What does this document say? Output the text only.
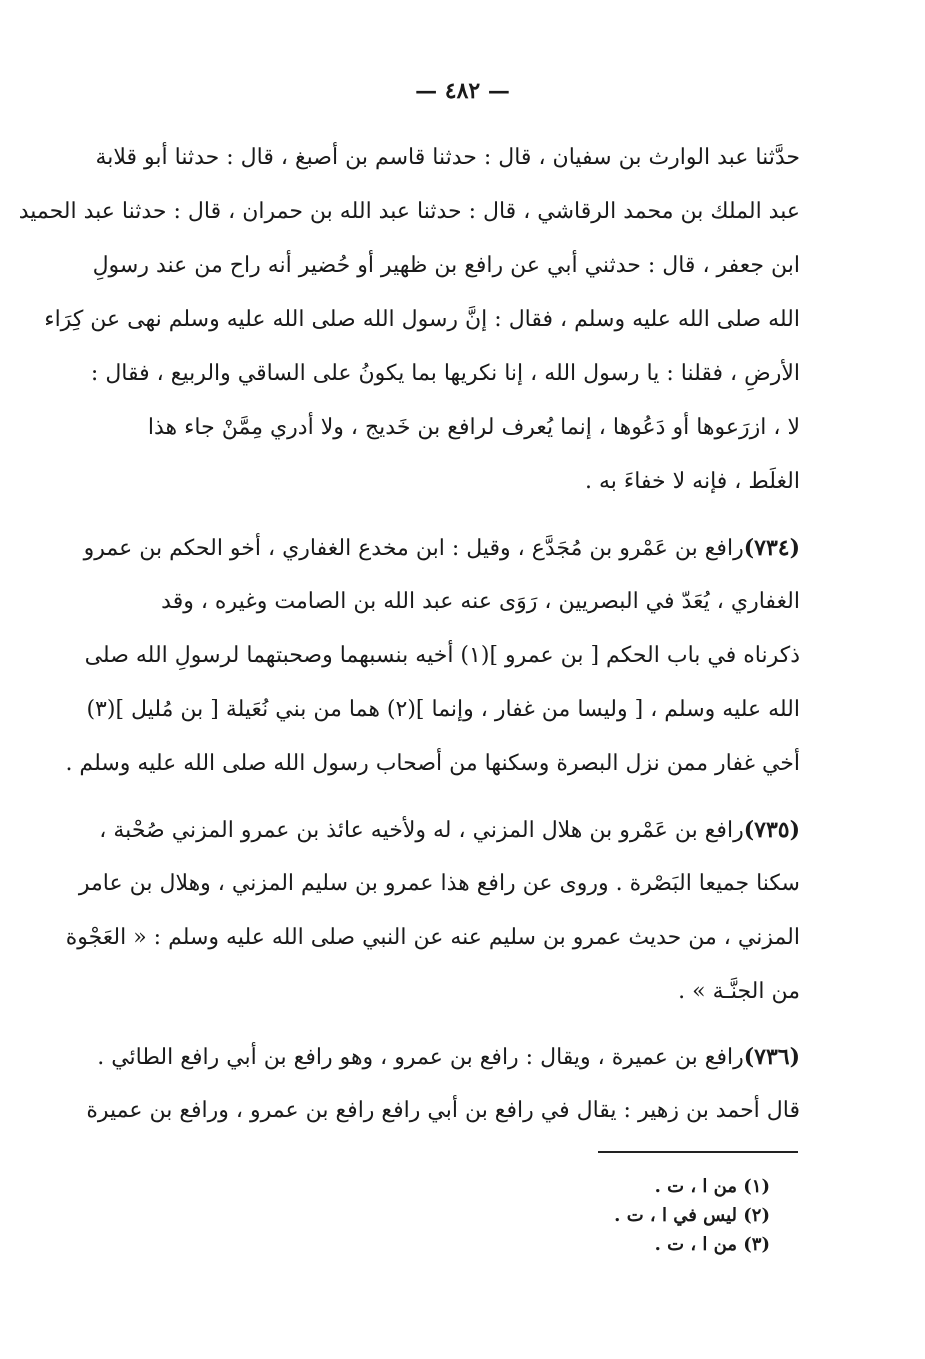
— ٤٨٢ —
حدَّثنا عبد الوارث بن سفيان ، قال : حدثنا قاسم بن أصبغ ، قال : حدثنا أبو قلابة
عبد الملك بن محمد الرقاشي ، قال : حدثنا عبد الله بن حمران ، قال : حدثنا عبد الحميد
ابن جعفر ، قال : حدثني أبي عن رافع بن ظهير أو حُضير أنه راح من عند رسولِ
الله صلى الله عليه وسلم ، فقال : إنَّ رسول الله صلى الله عليه وسلم نهى عن كِرَاء
الأرضِ ، فقلنا : يا رسول الله ، إنا نكريها بما يكونُ على الساقي والربيع ، فقال :
لا ، ازرَعوها أو دَعُوها ، إنما يُعرف لرافع بن خَديج ، ولا أدري مِمَّنْ جاء هذا
الغلَط ، فإنه لا خفاءَ به .
(٧٣٤)رافع بن عَمْرو بن مُجَدَّع ، وقيل : ابن مخدع الغفاري ، أخو الحكم بن عمرو
الغفاري ، يُعَدّ في البصريين ، رَوَى عنه عبد الله بن الصامت وغيره ، وقد
ذكرناه في باب الحكم [ بن عمرو ](١) أخيه بنسبهما وصحبتهما لرسولِ الله صلى
الله عليه وسلم ، [ وليسا من غفار ، وإنما ](٢) هما من بني نُعَيلة [ بن مُليل ](٣)
أخي غفار ممن نزل البصرة وسكنها من أصحاب رسول الله صلى الله عليه وسلم .
(٧٣٥)رافع بن عَمْرو بن هلال المزني ، له ولأخيه عائذ بن عمرو المزني صُحْبة ،
سكنا جميعا البَصْرة . وروى عن رافع هذا عمرو بن سليم المزني ، وهلال بن عامر
المزني ، من حديث عمرو بن سليم عنه عن النبي صلى الله عليه وسلم : « العَجْوة
من الجنَّـة » .
(٧٣٦)رافع بن عميرة ، ويقال : رافع بن عمرو ، وهو رافع بن أبي رافع الطائي .
قال أحمد بن زهير : يقال في رافع بن أبي رافع رافع بن عمرو ، ورافع بن عميرة
(١) من ا ، ت .
(٢) ليس في ا ، ت .
(٣) من ا ، ت .
